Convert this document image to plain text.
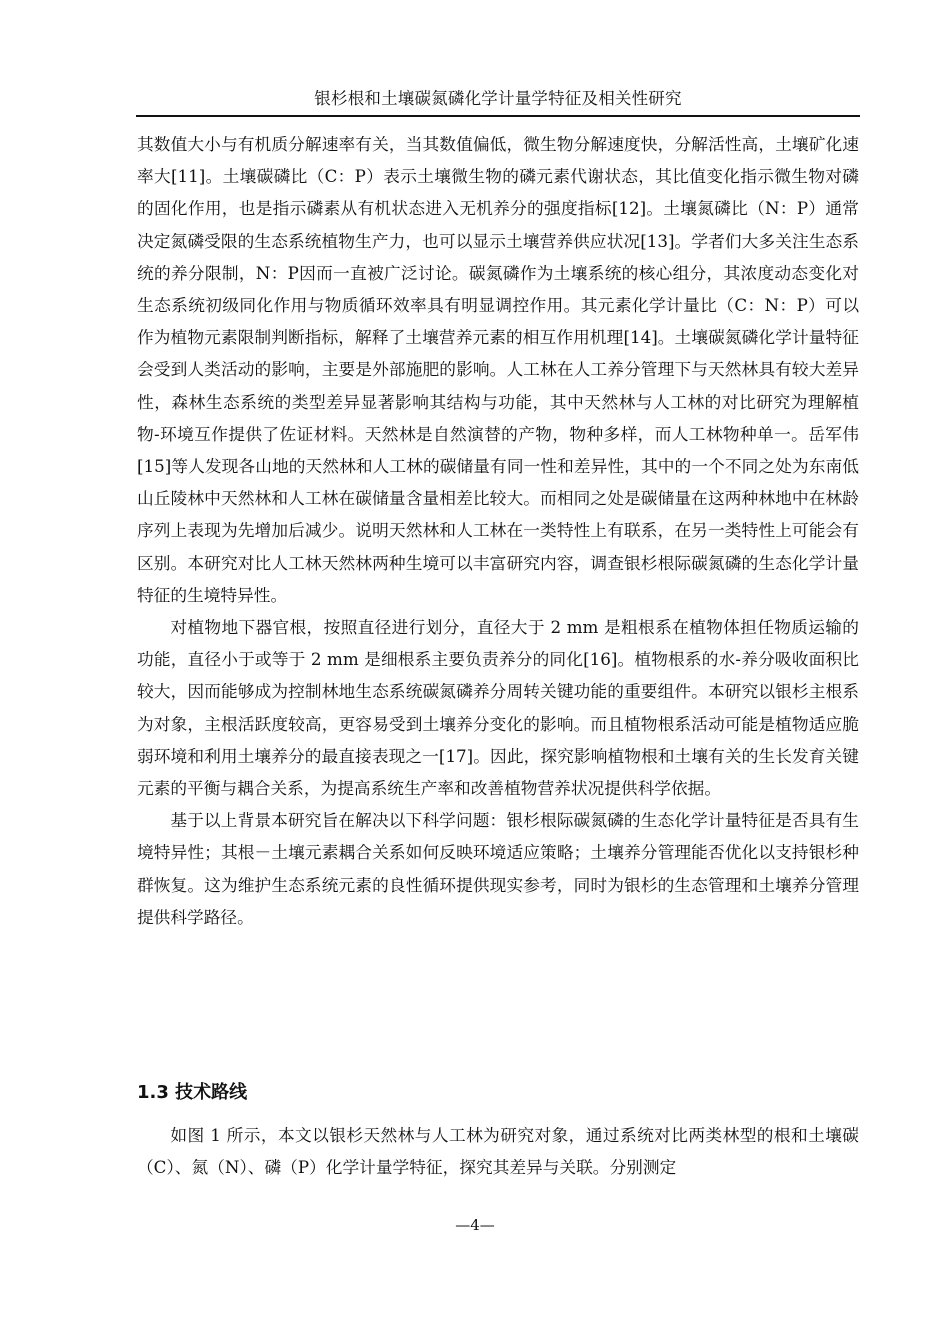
银杉根和土壤碳氮磷化学计量学特征及相关性研究

其数值大小与有机质分解速率有关，当其数值偏低，微生物分解速度快，分解活性高，土壤矿化速率大[11]。土壤碳磷比（C：P）表示土壤微生物的磷元素代谢状态，其比值变化指示微生物对磷的固化作用，也是指示磷素从有机状态进入无机养分的强度指标[12]。土壤氮磷比（N：P）通常决定氮磷受限的生态系统植物生产力，也可以显示土壤营养供应状况[13]。学者们大多关注生态系统的养分限制，N：P因而一直被广泛讨论。碳氮磷作为土壤系统的核心组分，其浓度动态变化对生态系统初级同化作用与物质循环效率具有明显调控作用。其元素化学计量比（C：N：P）可以作为植物元素限制判断指标，解释了土壤营养元素的相互作用机理[14]。土壤碳氮磷化学计量特征会受到人类活动的影响，主要是外部施肥的影响。人工林在人工养分管理下与天然林具有较大差异性，森林生态系统的类型差异显著影响其结构与功能，其中天然林与人工林的对比研究为理解植物-环境互作提供了佐证材料。天然林是自然演替的产物，物种多样，而人工林物种单一。岳军伟[15]等人发现各山地的天然林和人工林的碳储量有同一性和差异性，其中的一个不同之处为东南低山丘陵林中天然林和人工林在碳储量含量相差比较大。而相同之处是碳储量在这两种林地中在林龄序列上表现为先增加后减少。说明天然林和人工林在一类特性上有联系，在另一类特性上可能会有区别。本研究对比人工林天然林两种生境可以丰富研究内容，调查银杉根际碳氮磷的生态化学计量特征的生境特异性。

对植物地下器官根，按照直径进行划分，直径大于 2 mm 是粗根系在植物体担任物质运输的功能，直径小于或等于 2 mm 是细根系主要负责养分的同化[16]。植物根系的水-养分吸收面积比较大，因而能够成为控制林地生态系统碳氮磷养分周转关键功能的重要组件。本研究以银杉主根系为对象，主根活跃度较高，更容易受到土壤养分变化的影响。而且植物根系活动可能是植物适应脆弱环境和利用土壤养分的最直接表现之一[17]。因此，探究影响植物根和土壤有关的生长发育关键元素的平衡与耦合关系，为提高系统生产率和改善植物营养状况提供科学依据。

基于以上背景本研究旨在解决以下科学问题：银杉根际碳氮磷的生态化学计量特征是否具有生境特异性；其根－土壤元素耦合关系如何反映环境适应策略；土壤养分管理能否优化以支持银杉种群恢复。这为维护生态系统元素的良性循环提供现实参考，同时为银杉的生态管理和土壤养分管理提供科学路径。

1.3 技术路线

如图 1 所示，本文以银杉天然林与人工林为研究对象，通过系统对比两类林型的根和土壤碳（C）、氮（N）、磷（P）化学计量学特征，探究其差异与关联。分别测定

—4—
